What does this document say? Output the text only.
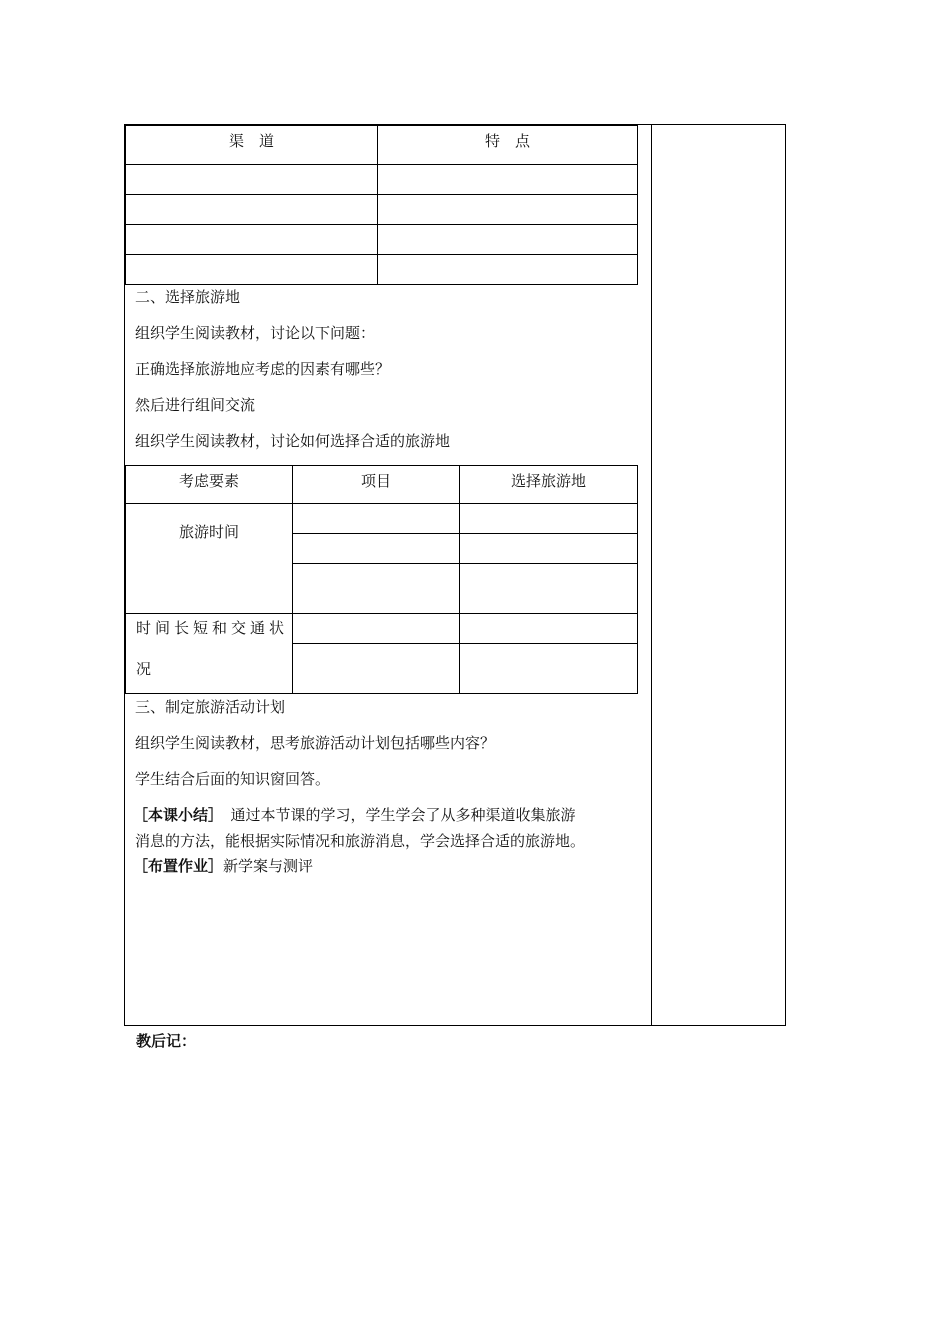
渠　道	特　点

二、选择旅游地
组织学生阅读教材，讨论以下问题：
正确选择旅游地应考虑的因素有哪些？
然后进行组间交流
组织学生阅读教材，讨论如何选择合适的旅游地
考虑要素	项目	选择旅游地
旅游时间		

时间长短和交通状
况		

三、制定旅游活动计划
组织学生阅读教材，思考旅游活动计划包括哪些内容？
学生结合后面的知识窗回答。
［本课小结］　通过本节课的学习，学生学会了从多种渠道收集旅游
消息的方法，能根据实际情况和旅游消息，学会选择合适的旅游地。
［布置作业］新学案与测评
教后记：
